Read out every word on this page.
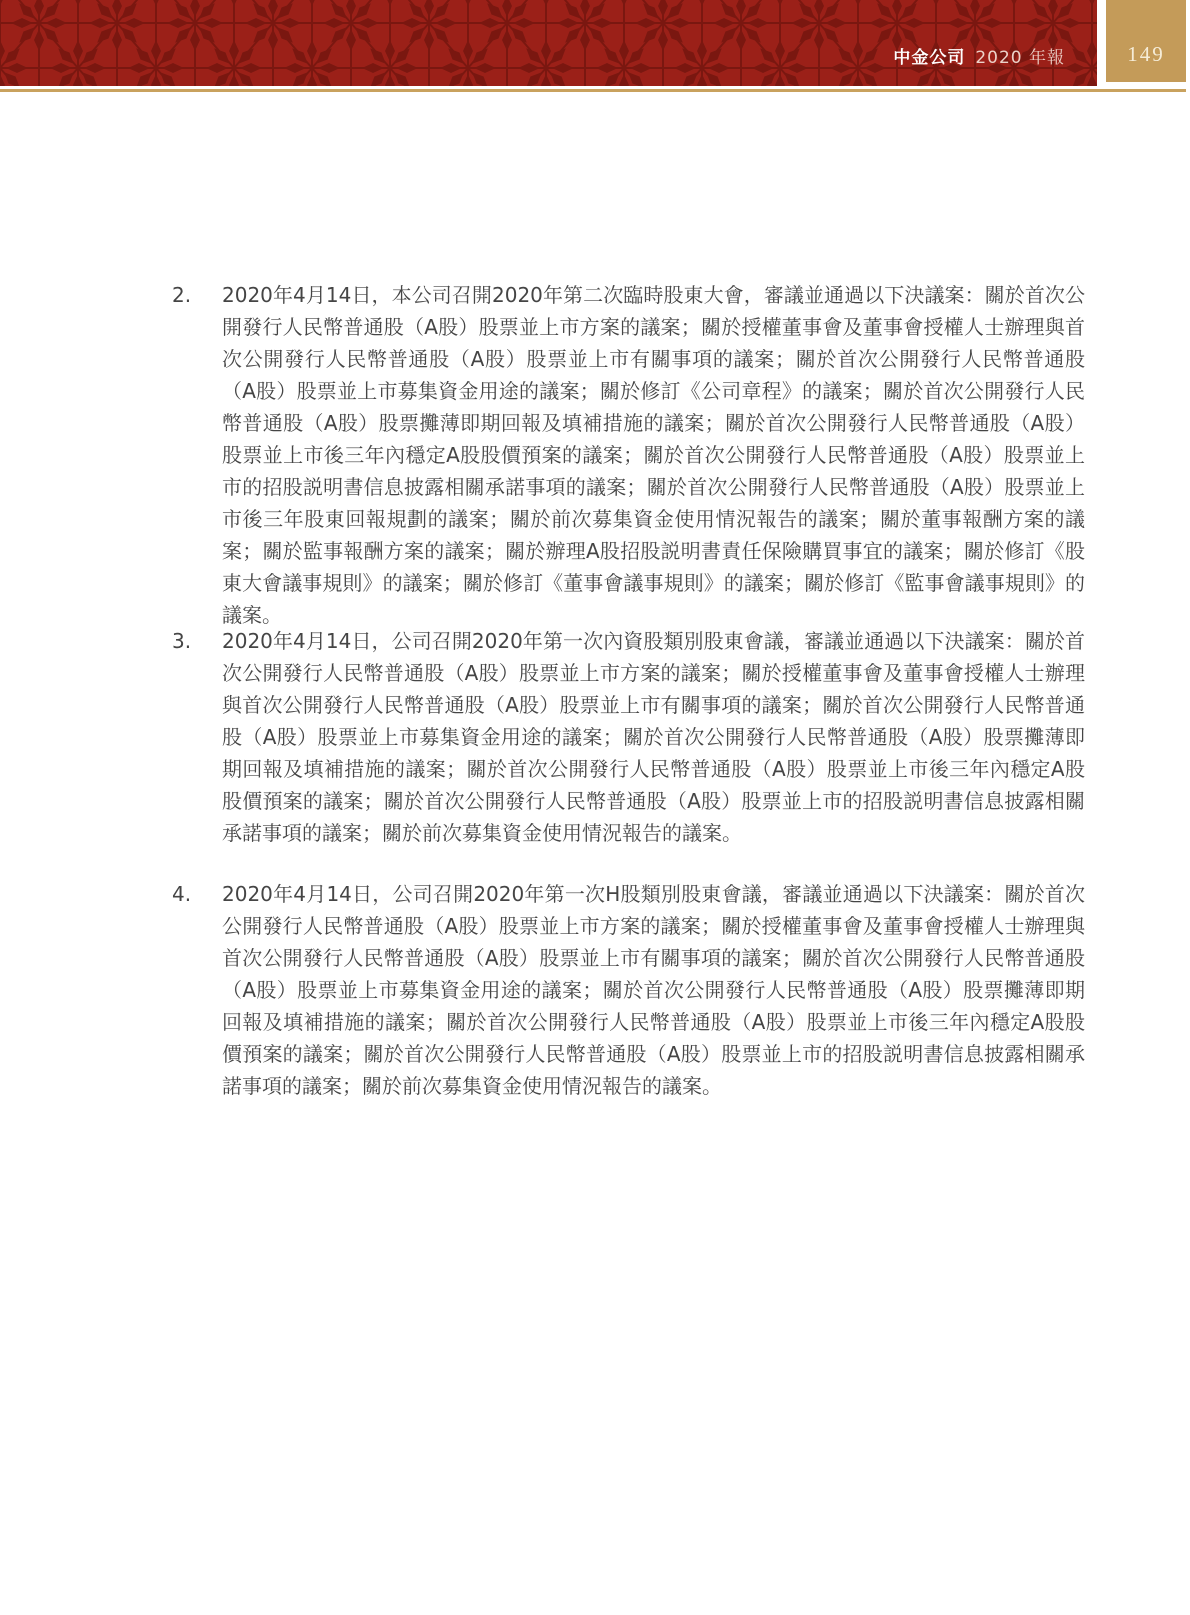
中金公司 2020 年報	149
2.	2020年4月14日，本公司召開2020年第二次臨時股東大會，審議並通過以下決議案：關於首次公開發行人民幣普通股（A股）股票並上市方案的議案；關於授權董事會及董事會授權人士辦理與首次公開發行人民幣普通股（A股）股票並上市有關事項的議案；關於首次公開發行人民幣普通股（A股）股票並上市募集資金用途的議案；關於修訂《公司章程》的議案；關於首次公開發行人民幣普通股（A股）股票攤薄即期回報及填補措施的議案；關於首次公開發行人民幣普通股（A股）股票並上市後三年內穩定A股股價預案的議案；關於首次公開發行人民幣普通股（A股）股票並上市的招股説明書信息披露相關承諾事項的議案；關於首次公開發行人民幣普通股（A股）股票並上市後三年股東回報規劃的議案；關於前次募集資金使用情況報告的議案；關於董事報酬方案的議案；關於監事報酬方案的議案；關於辦理A股招股説明書責任保險購買事宜的議案；關於修訂《股東大會議事規則》的議案；關於修訂《董事會議事規則》的議案；關於修訂《監事會議事規則》的議案。
3.	2020年4月14日，公司召開2020年第一次內資股類別股東會議，審議並通過以下決議案：關於首次公開發行人民幣普通股（A股）股票並上市方案的議案；關於授權董事會及董事會授權人士辦理與首次公開發行人民幣普通股（A股）股票並上市有關事項的議案；關於首次公開發行人民幣普通股（A股）股票並上市募集資金用途的議案；關於首次公開發行人民幣普通股（A股）股票攤薄即期回報及填補措施的議案；關於首次公開發行人民幣普通股（A股）股票並上市後三年內穩定A股股價預案的議案；關於首次公開發行人民幣普通股（A股）股票並上市的招股説明書信息披露相關承諾事項的議案；關於前次募集資金使用情況報告的議案。
4.	2020年4月14日，公司召開2020年第一次H股類別股東會議，審議並通過以下決議案：關於首次公開發行人民幣普通股（A股）股票並上市方案的議案；關於授權董事會及董事會授權人士辦理與首次公開發行人民幣普通股（A股）股票並上市有關事項的議案；關於首次公開發行人民幣普通股（A股）股票並上市募集資金用途的議案；關於首次公開發行人民幣普通股（A股）股票攤薄即期回報及填補措施的議案；關於首次公開發行人民幣普通股（A股）股票並上市後三年內穩定A股股價預案的議案；關於首次公開發行人民幣普通股（A股）股票並上市的招股説明書信息披露相關承諾事項的議案；關於前次募集資金使用情況報告的議案。
